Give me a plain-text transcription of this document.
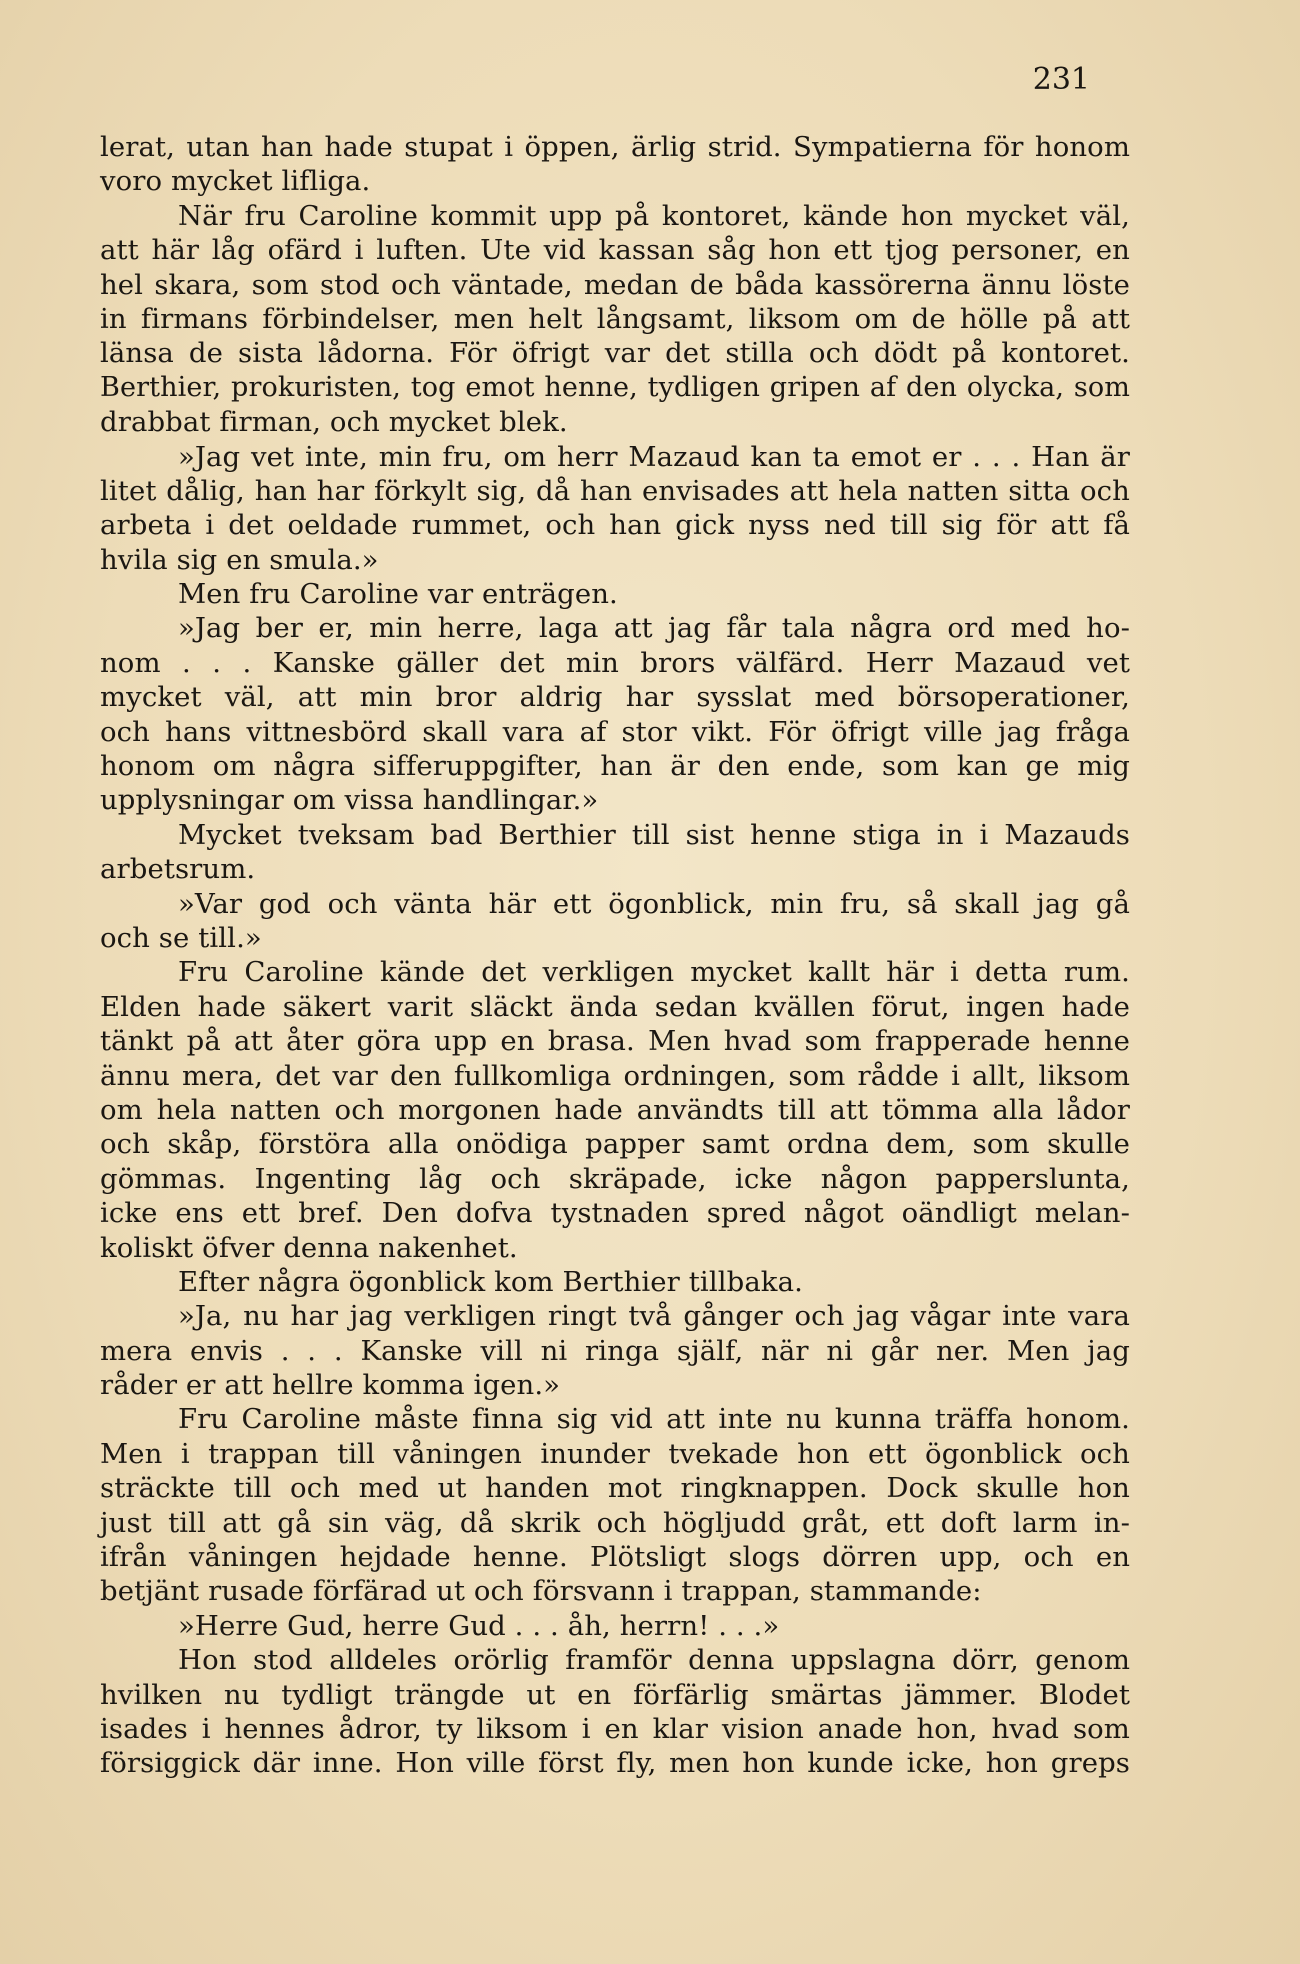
231
lerat, utan han hade stupat i öppen, ärlig strid. Sympatierna för honom
voro mycket lifliga.
När fru Caroline kommit upp på kontoret, kände hon mycket väl,
att här låg ofärd i luften. Ute vid kassan såg hon ett tjog personer, en
hel skara, som stod och väntade, medan de båda kassörerna ännu löste
in firmans förbindelser, men helt långsamt, liksom om de hölle på att
länsa de sista lådorna. För öfrigt var det stilla och dödt på kontoret.
Berthier, prokuristen, tog emot henne, tydligen gripen af den olycka, som
drabbat firman, och mycket blek.
»Jag vet inte, min fru, om herr Mazaud kan ta emot er . . . Han är
litet dålig, han har förkylt sig, då han envisades att hela natten sitta och
arbeta i det oeldade rummet, och han gick nyss ned till sig för att få
hvila sig en smula.»
Men fru Caroline var enträgen.
»Jag ber er, min herre, laga att jag får tala några ord med ho-
nom . . . Kanske gäller det min brors välfärd. Herr Mazaud vet
mycket väl, att min bror aldrig har sysslat med börsoperationer,
och hans vittnesbörd skall vara af stor vikt. För öfrigt ville jag fråga
honom om några sifferuppgifter, han är den ende, som kan ge mig
upplysningar om vissa handlingar.»
Mycket tveksam bad Berthier till sist henne stiga in i Mazauds
arbetsrum.
»Var god och vänta här ett ögonblick, min fru, så skall jag gå
och se till.»
Fru Caroline kände det verkligen mycket kallt här i detta rum.
Elden hade säkert varit släckt ända sedan kvällen förut, ingen hade
tänkt på att åter göra upp en brasa. Men hvad som frapperade henne
ännu mera, det var den fullkomliga ordningen, som rådde i allt, liksom
om hela natten och morgonen hade användts till att tömma alla lådor
och skåp, förstöra alla onödiga papper samt ordna dem, som skulle
gömmas. Ingenting låg och skräpade, icke någon papperslunta,
icke ens ett bref. Den dofva tystnaden spred något oändligt melan-
koliskt öfver denna nakenhet.
Efter några ögonblick kom Berthier tillbaka.
»Ja, nu har jag verkligen ringt två gånger och jag vågar inte vara
mera envis . . . Kanske vill ni ringa själf, när ni går ner. Men jag
råder er att hellre komma igen.»
Fru Caroline måste finna sig vid att inte nu kunna träffa honom.
Men i trappan till våningen inunder tvekade hon ett ögonblick och
sträckte till och med ut handen mot ringknappen. Dock skulle hon
just till att gå sin väg, då skrik och högljudd gråt, ett doft larm in-
ifrån våningen hejdade henne. Plötsligt slogs dörren upp, och en
betjänt rusade förfärad ut och försvann i trappan, stammande:
»Herre Gud, herre Gud . . . åh, herrn! . . .»
Hon stod alldeles orörlig framför denna uppslagna dörr, genom
hvilken nu tydligt trängde ut en förfärlig smärtas jämmer. Blodet
isades i hennes ådror, ty liksom i en klar vision anade hon, hvad som
försiggick där inne. Hon ville först fly, men hon kunde icke, hon greps
